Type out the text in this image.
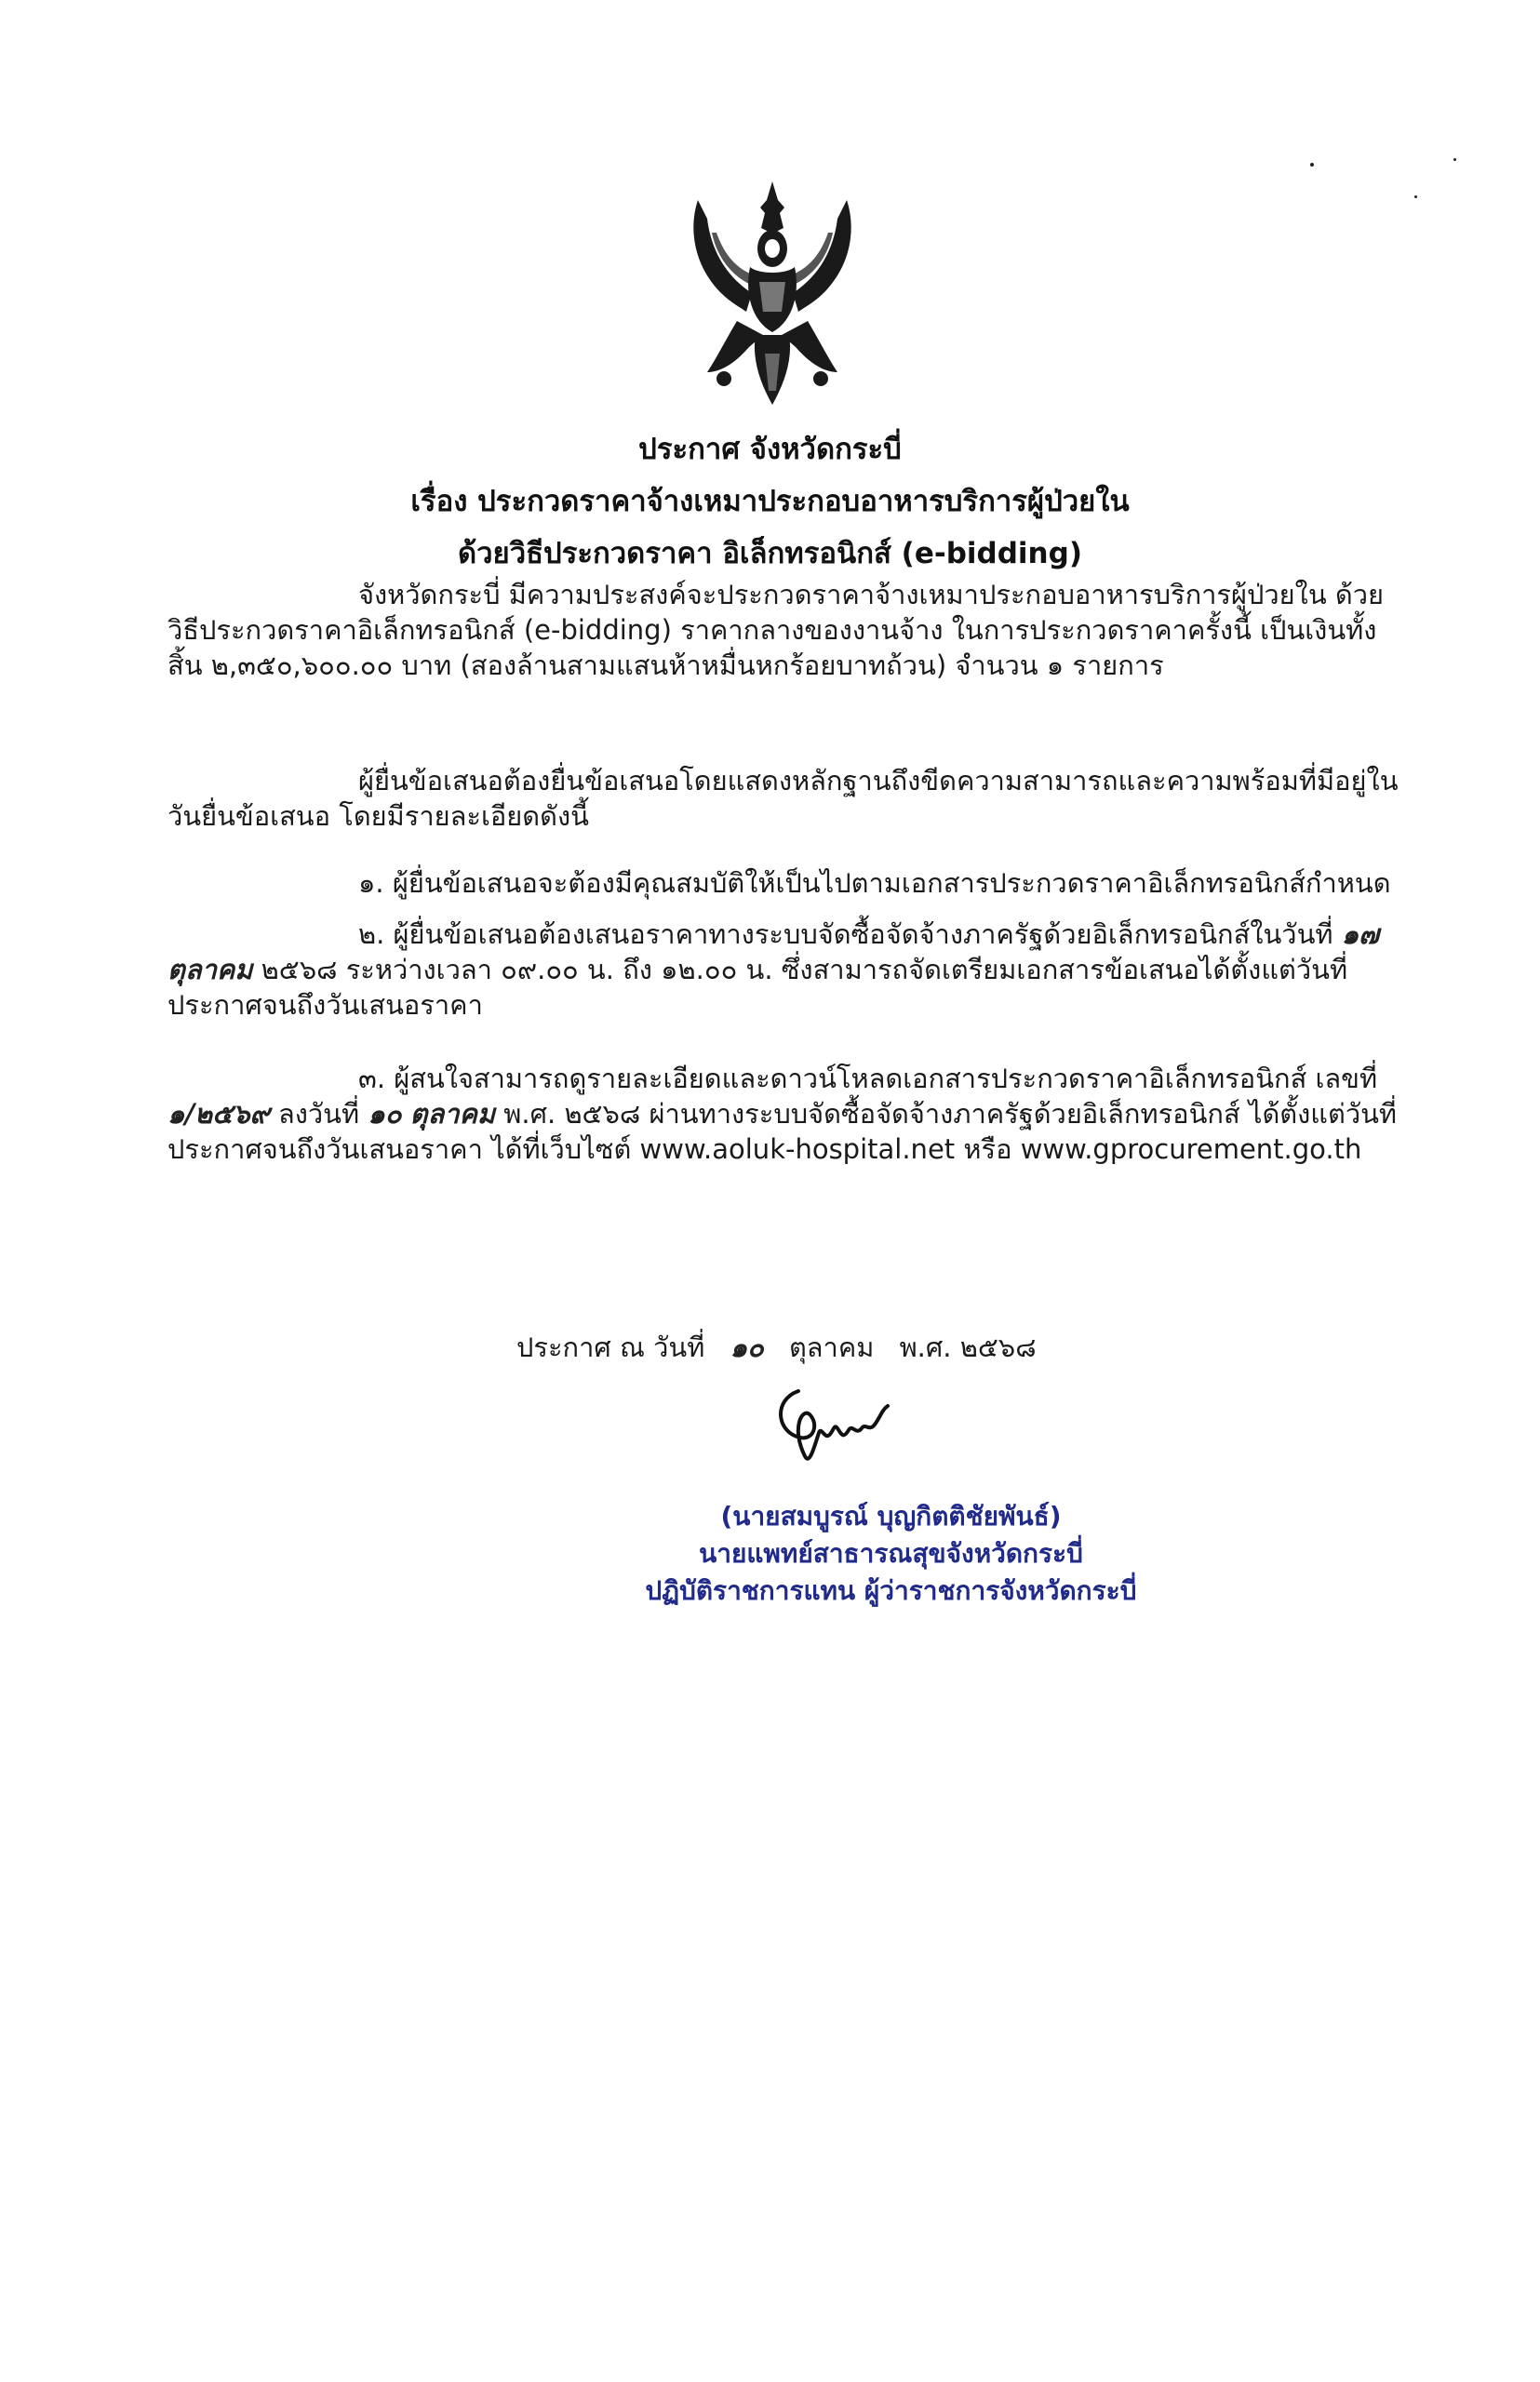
ประกาศ จังหวัดกระบี่
เรื่อง ประกวดราคาจ้างเหมาประกอบอาหารบริการผู้ป่วยใน
ด้วยวิธีประกวดราคา อิเล็กทรอนิกส์ (e-bidding)

จังหวัดกระบี่ มีความประสงค์จะประกวดราคาจ้างเหมาประกอบอาหารบริการผู้ป่วยใน ด้วยวิธีประกวดราคาอิเล็กทรอนิกส์ (e-bidding) ราคากลางของงานจ้าง ในการประกวดราคาครั้งนี้ เป็นเงินทั้งสิ้น ๒,๓๕๐,๖๐๐.๐๐ บาท (สองล้านสามแสนห้าหมื่นหกร้อยบาทถ้วน) จำนวน ๑ รายการ

ผู้ยื่นข้อเสนอต้องยื่นข้อเสนอโดยแสดงหลักฐานถึงขีดความสามารถและความพร้อมที่มีอยู่ในวันยื่นข้อเสนอ โดยมีรายละเอียดดังนี้

๑. ผู้ยื่นข้อเสนอจะต้องมีคุณสมบัติให้เป็นไปตามเอกสารประกวดราคาอิเล็กทรอนิกส์กำหนด

๒. ผู้ยื่นข้อเสนอต้องเสนอราคาทางระบบจัดซื้อจัดจ้างภาครัฐด้วยอิเล็กทรอนิกส์ในวันที่ ๑๗ ตุลาคม ๒๕๖๘ ระหว่างเวลา ๐๙.๐๐ น. ถึง ๑๒.๐๐ น. ซึ่งสามารถจัดเตรียมเอกสารข้อเสนอได้ตั้งแต่วันที่ประกาศจนถึงวันเสนอราคา

๓. ผู้สนใจสามารถดูรายละเอียดและดาวน์โหลดเอกสารประกวดราคาอิเล็กทรอนิกส์ เลขที่ ๑/๒๕๖๙ ลงวันที่ ๑๐ ตุลาคม พ.ศ. ๒๕๖๘ ผ่านทางระบบจัดซื้อจัดจ้างภาครัฐด้วยอิเล็กทรอนิกส์ ได้ตั้งแต่วันที่ประกาศจนถึงวันเสนอราคา ได้ที่เว็บไซต์ www.aoluk-hospital.net หรือ www.gprocurement.go.th

ประกาศ ณ วันที่ ๑๐ ตุลาคม พ.ศ. ๒๕๖๘
(นายสมบูรณ์ บุญกิตติชัยพันธ์)
นายแพทย์สาธารณสุขจังหวัดกระบี่
ปฏิบัติราชการแทน ผู้ว่าราชการจังหวัดกระบี่
